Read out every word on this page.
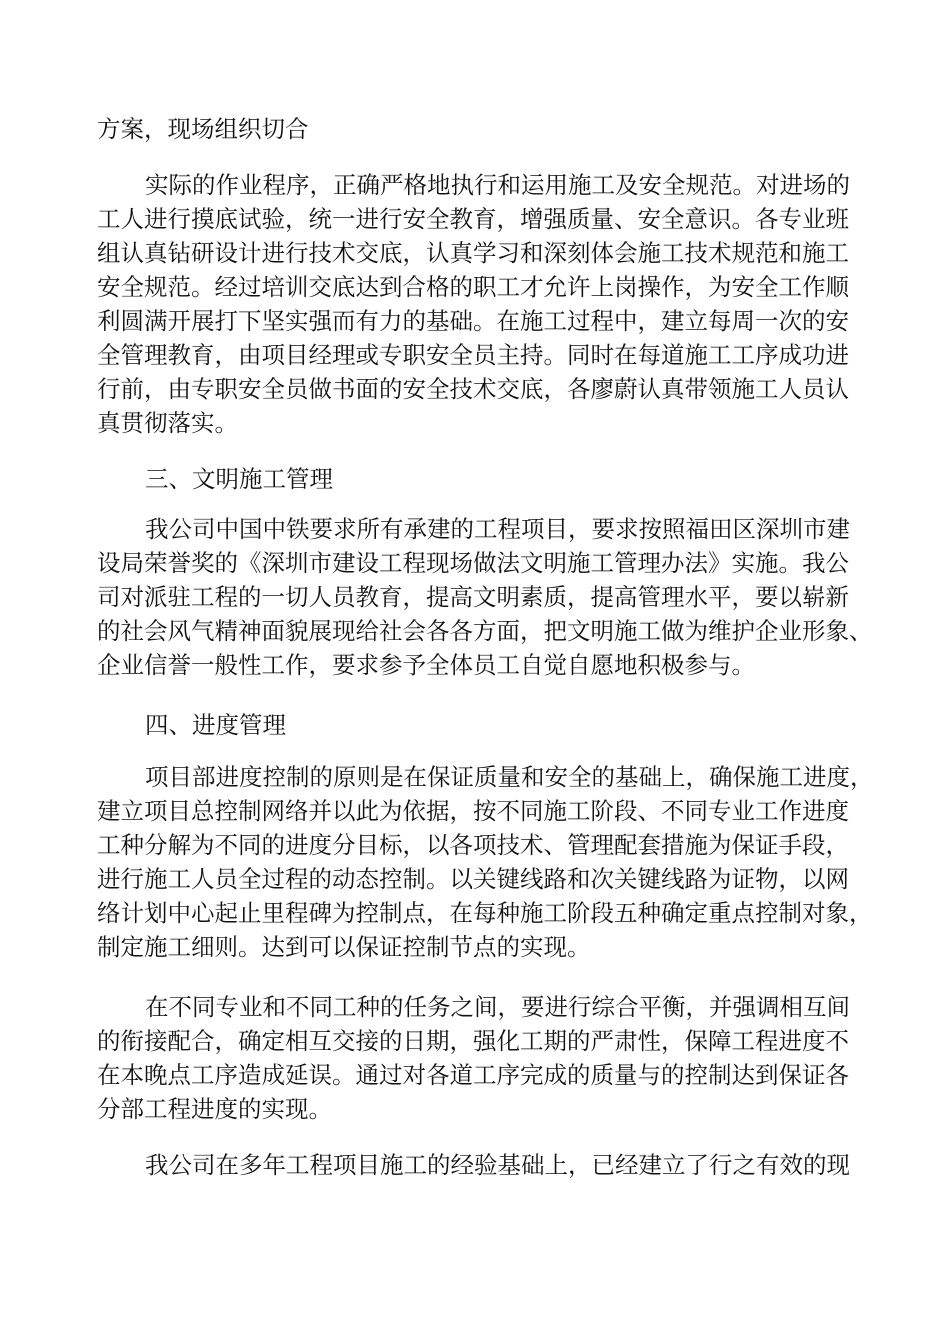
方案，现场组织切合
实际的作业程序，正确严格地执行和运用施工及安全规范。对进场的
工人进行摸底试验，统一进行安全教育，增强质量、安全意识。各专业班
组认真钻研设计进行技术交底，认真学习和深刻体会施工技术规范和施工
安全规范。经过培训交底达到合格的职工才允许上岗操作，为安全工作顺
利圆满开展打下坚实强而有力的基础。在施工过程中，建立每周一次的安
全管理教育，由项目经理或专职安全员主持。同时在每道施工工序成功进
行前，由专职安全员做书面的安全技术交底，各廖蔚认真带领施工人员认
真贯彻落实。
三、文明施工管理
我公司中国中铁要求所有承建的工程项目，要求按照福田区深圳市建
设局荣誉奖的《深圳市建设工程现场做法文明施工管理办法》实施。我公
司对派驻工程的一切人员教育，提高文明素质，提高管理水平，要以崭新
的社会风气精神面貌展现给社会各各方面，把文明施工做为维护企业形象、
企业信誉一般性工作，要求参予全体员工自觉自愿地积极参与。
四、进度管理
项目部进度控制的原则是在保证质量和安全的基础上，确保施工进度，
建立项目总控制网络并以此为依据，按不同施工阶段、不同专业工作进度
工种分解为不同的进度分目标，以各项技术、管理配套措施为保证手段，
进行施工人员全过程的动态控制。以关键线路和次关键线路为证物，以网
络计划中心起止里程碑为控制点，在每种施工阶段五种确定重点控制对象，
制定施工细则。达到可以保证控制节点的实现。
在不同专业和不同工种的任务之间，要进行综合平衡，并强调相互间
的衔接配合，确定相互交接的日期，强化工期的严肃性，保障工程进度不
在本晚点工序造成延误。通过对各道工序完成的质量与的控制达到保证各
分部工程进度的实现。
我公司在多年工程项目施工的经验基础上，已经建立了行之有效的现
